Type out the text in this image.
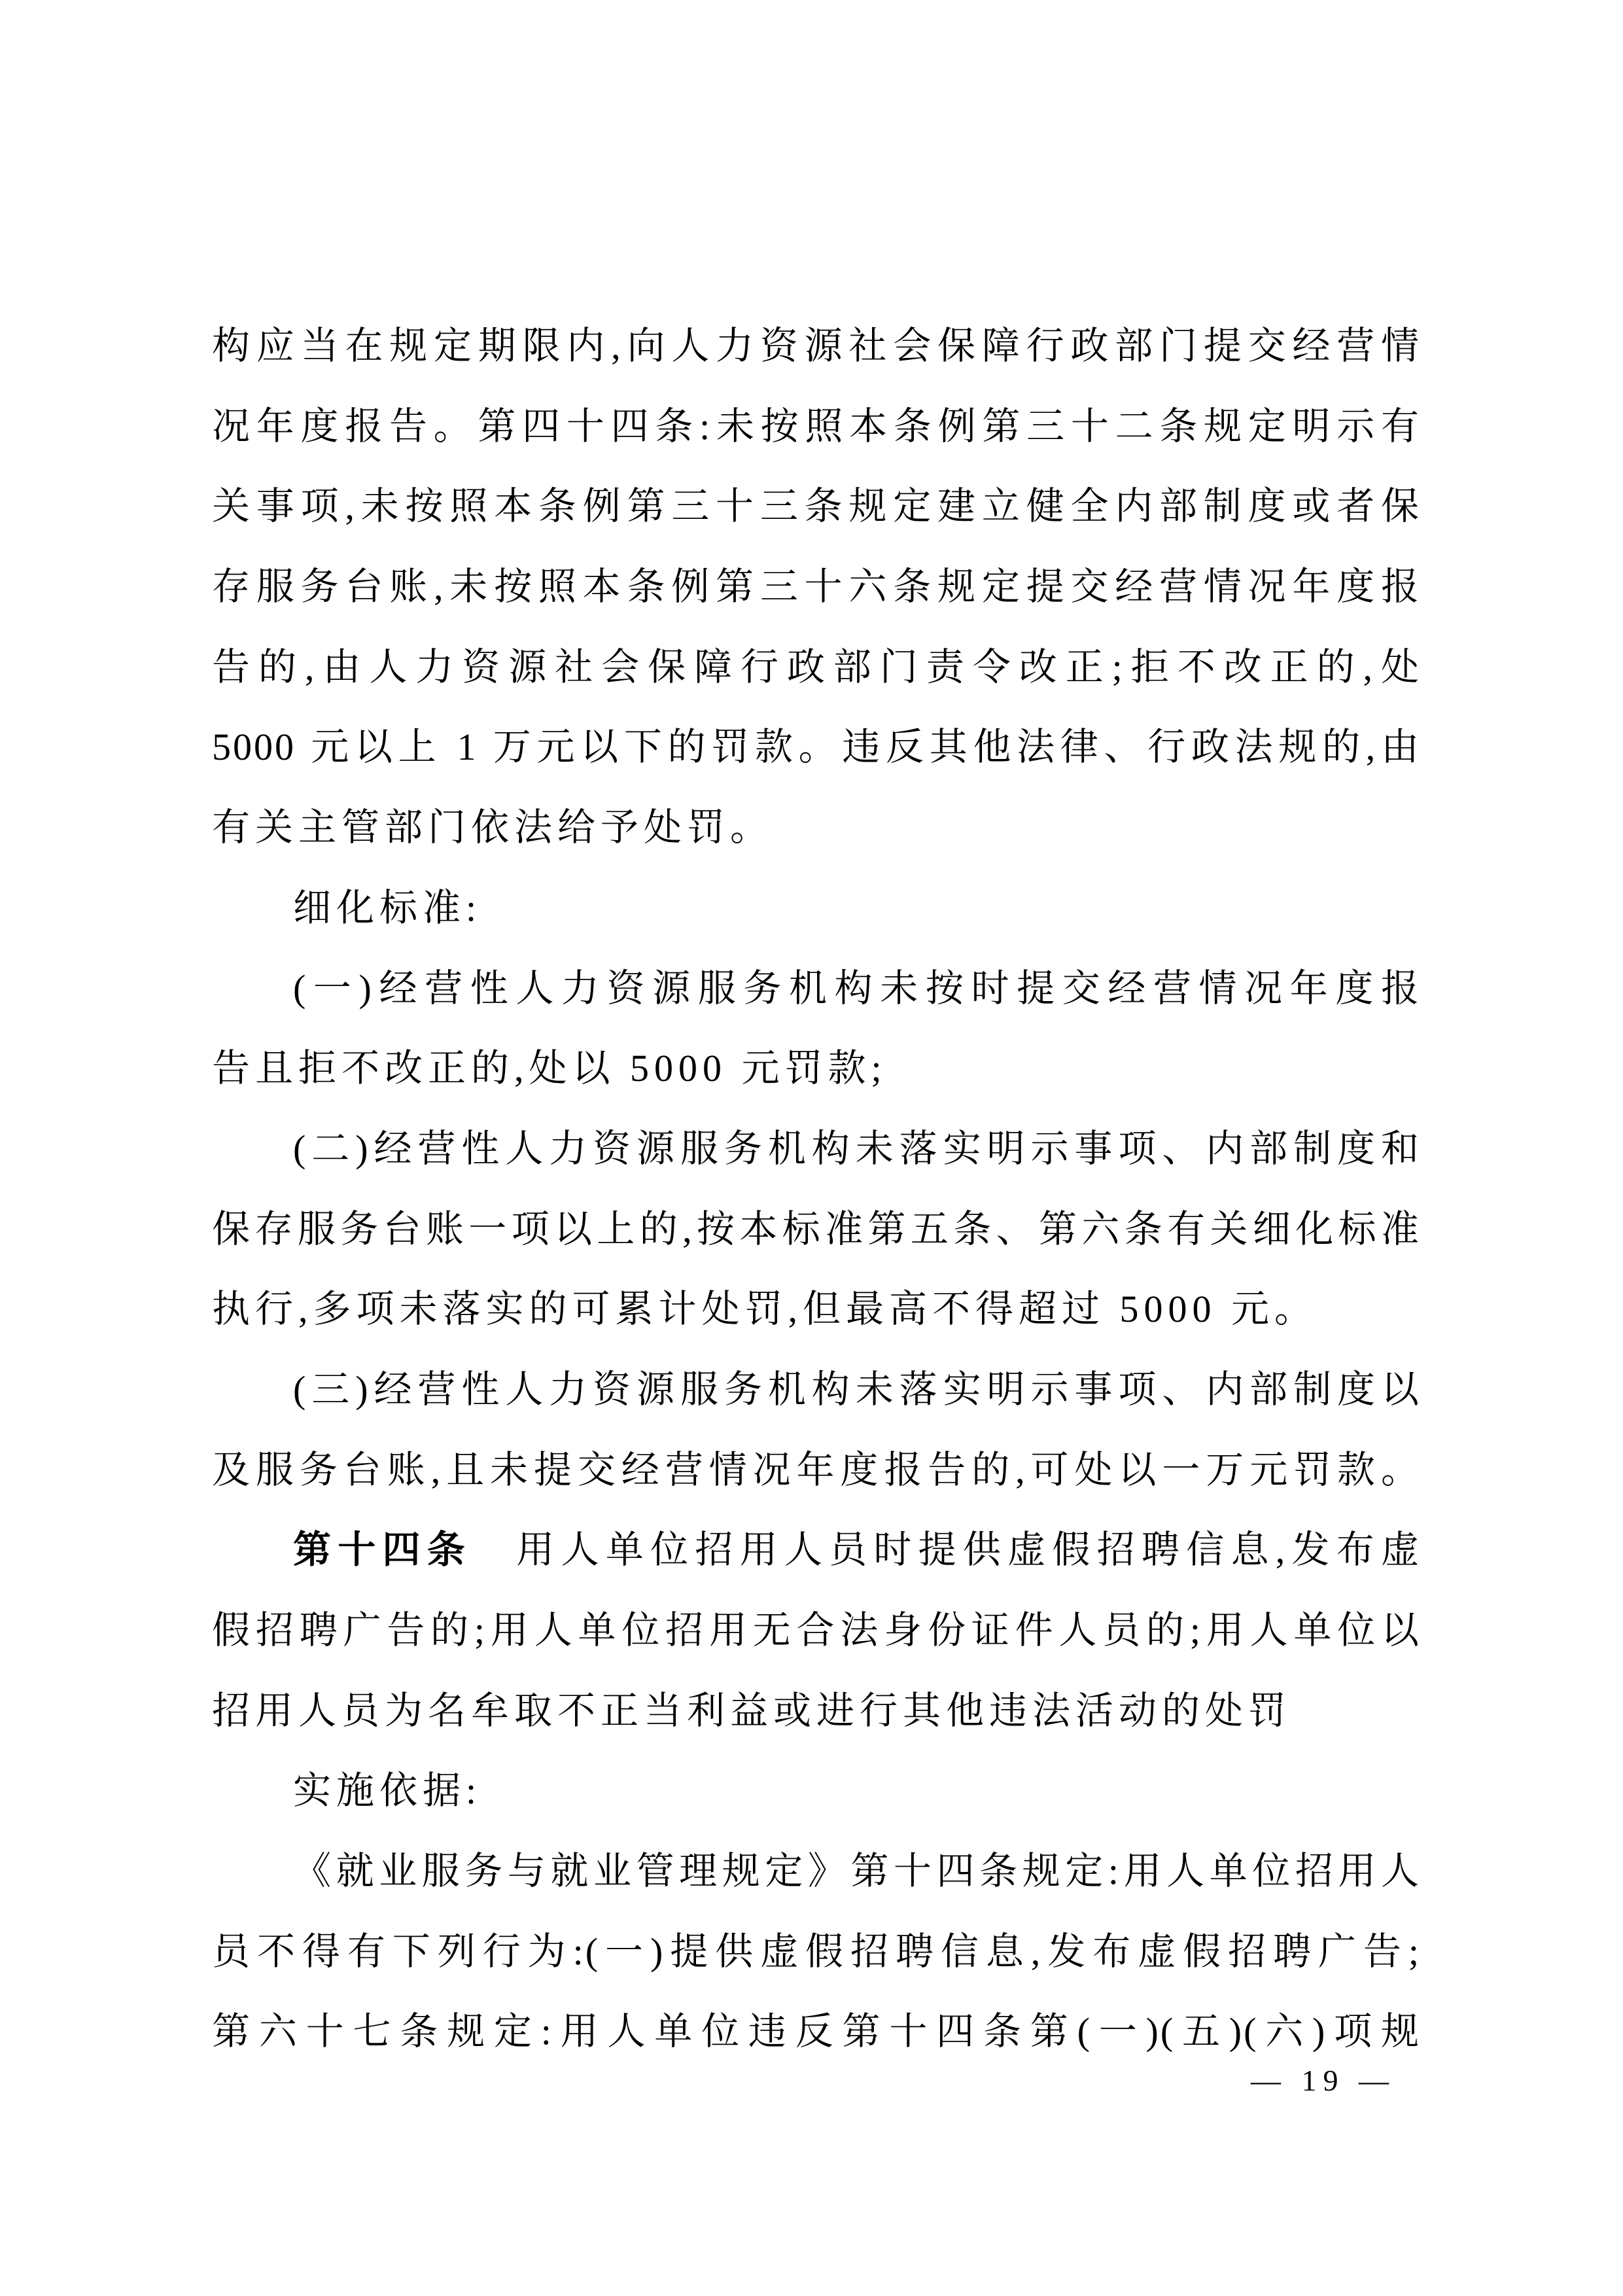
构应当在规定期限内,向人力资源社会保障行政部门提交经营情
况年度报告。第四十四条:未按照本条例第三十二条规定明示有
关事项,未按照本条例第三十三条规定建立健全内部制度或者保
存服务台账,未按照本条例第三十六条规定提交经营情况年度报
告的,由人力资源社会保障行政部门责令改正;拒不改正的,处
5000 元以上 1 万元以下的罚款。违反其他法律、行政法规的,由
有关主管部门依法给予处罚。
细化标准:
(一)经营性人力资源服务机构未按时提交经营情况年度报
告且拒不改正的,处以 5000 元罚款;
(二)经营性人力资源服务机构未落实明示事项、内部制度和
保存服务台账一项以上的,按本标准第五条、第六条有关细化标准
执行,多项未落实的可累计处罚,但最高不得超过 5000 元。
(三)经营性人力资源服务机构未落实明示事项、内部制度以
及服务台账,且未提交经营情况年度报告的,可处以一万元罚款。
第十四条　用人单位招用人员时提供虚假招聘信息,发布虚
假招聘广告的;用人单位招用无合法身份证件人员的;用人单位以
招用人员为名牟取不正当利益或进行其他违法活动的处罚
实施依据:
《就业服务与就业管理规定》第十四条规定:用人单位招用人
员不得有下列行为:(一)提供虚假招聘信息,发布虚假招聘广告;
第六十七条规定:用人单位违反第十四条第(一)(五)(六)项规
— 19 —
